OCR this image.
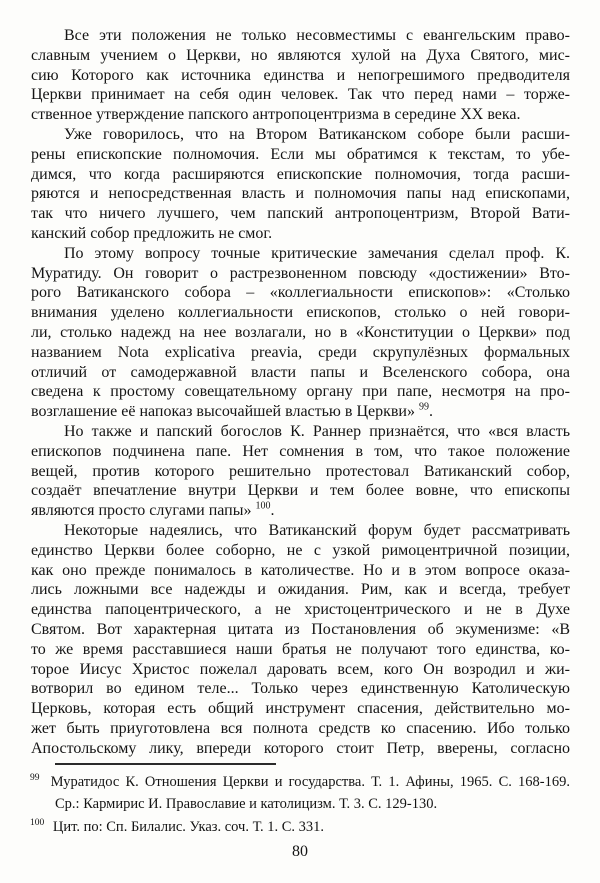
Все эти положения не только несовместимы с евангельским право-
славным учением о Церкви, но являются хулой на Духа Святого, мис-
сию Которого как источника единства и непогрешимого предводителя
Церкви принимает на себя один человек. Так что перед нами – торже-
ственное утверждение папского антропоцентризма в середине XX века.
Уже говорилось, что на Втором Ватиканском соборе были расши-
рены епископские полномочия. Если мы обратимся к текстам, то убе-
димся, что когда расширяются епископские полномочия, тогда расши-
ряются и непосредственная власть и полномочия папы над епископами,
так что ничего лучшего, чем папский антропоцентризм, Второй Вати-
канский собор предложить не смог.
По этому вопросу точные критические замечания сделал проф. К.
Муратиду. Он говорит о растрезвоненном повсюду «достижении» Вто-
рого Ватиканского собора – «коллегиальности епископов»: «Столько
внимания уделено коллегиальности епископов, столько о ней говори-
ли, столько надежд на нее возлагали, но в «Конституции о Церкви» под
названием Nota explicativa preavia, среди скрупулёзных формальных
отличий от самодержавной власти папы и Вселенского собора, она
сведена к простому совещательному органу при папе, несмотря на про-
возглашение её напоказ высочайшей властью в Церкви» $^{99}$.
Но также и папский богослов К. Раннер признаётся, что «вся власть
епископов подчинена папе. Нет сомнения в том, что такое положение
вещей, против которого решительно протестовал Ватиканский собор,
создаёт впечатление внутри Церкви и тем более вовне, что епископы
являются просто слугами папы» $^{100}$.
Некоторые надеялись, что Ватиканский форум будет рассматривать
единство Церкви более соборно, не с узкой римоцентричной позиции,
как оно прежде понималось в католичестве. Но и в этом вопросе оказа-
лись ложными все надежды и ожидания. Рим, как и всегда, требует
единства папоцентрического, а не христоцентрического и не в Духе
Святом. Вот характерная цитата из Постановления об экуменизме: «В
то же время расставшиеся наши братья не получают того единства, ко-
торое Иисус Христос пожелал даровать всем, кого Он возродил и жи-
вотворил во едином теле... Только через единственную Католическую
Церковь, которая есть общий инструмент спасения, действительно мо-
жет быть приуготовлена вся полнота средств ко спасению. Ибо только
Апостольскому лику, впереди которого стоит Петр, вверены, согласно
$^{99}$ Муратидос К. Отношения Церкви и государства. Т. 1. Афины, 1965. С. 168-169.
Ср.: Кармирис И. Православие и католицизм. Т. 3. С. 129-130.
$^{100}$ Цит. по: Сп. Билалис. Указ. соч. Т. 1. С. 331.
80
